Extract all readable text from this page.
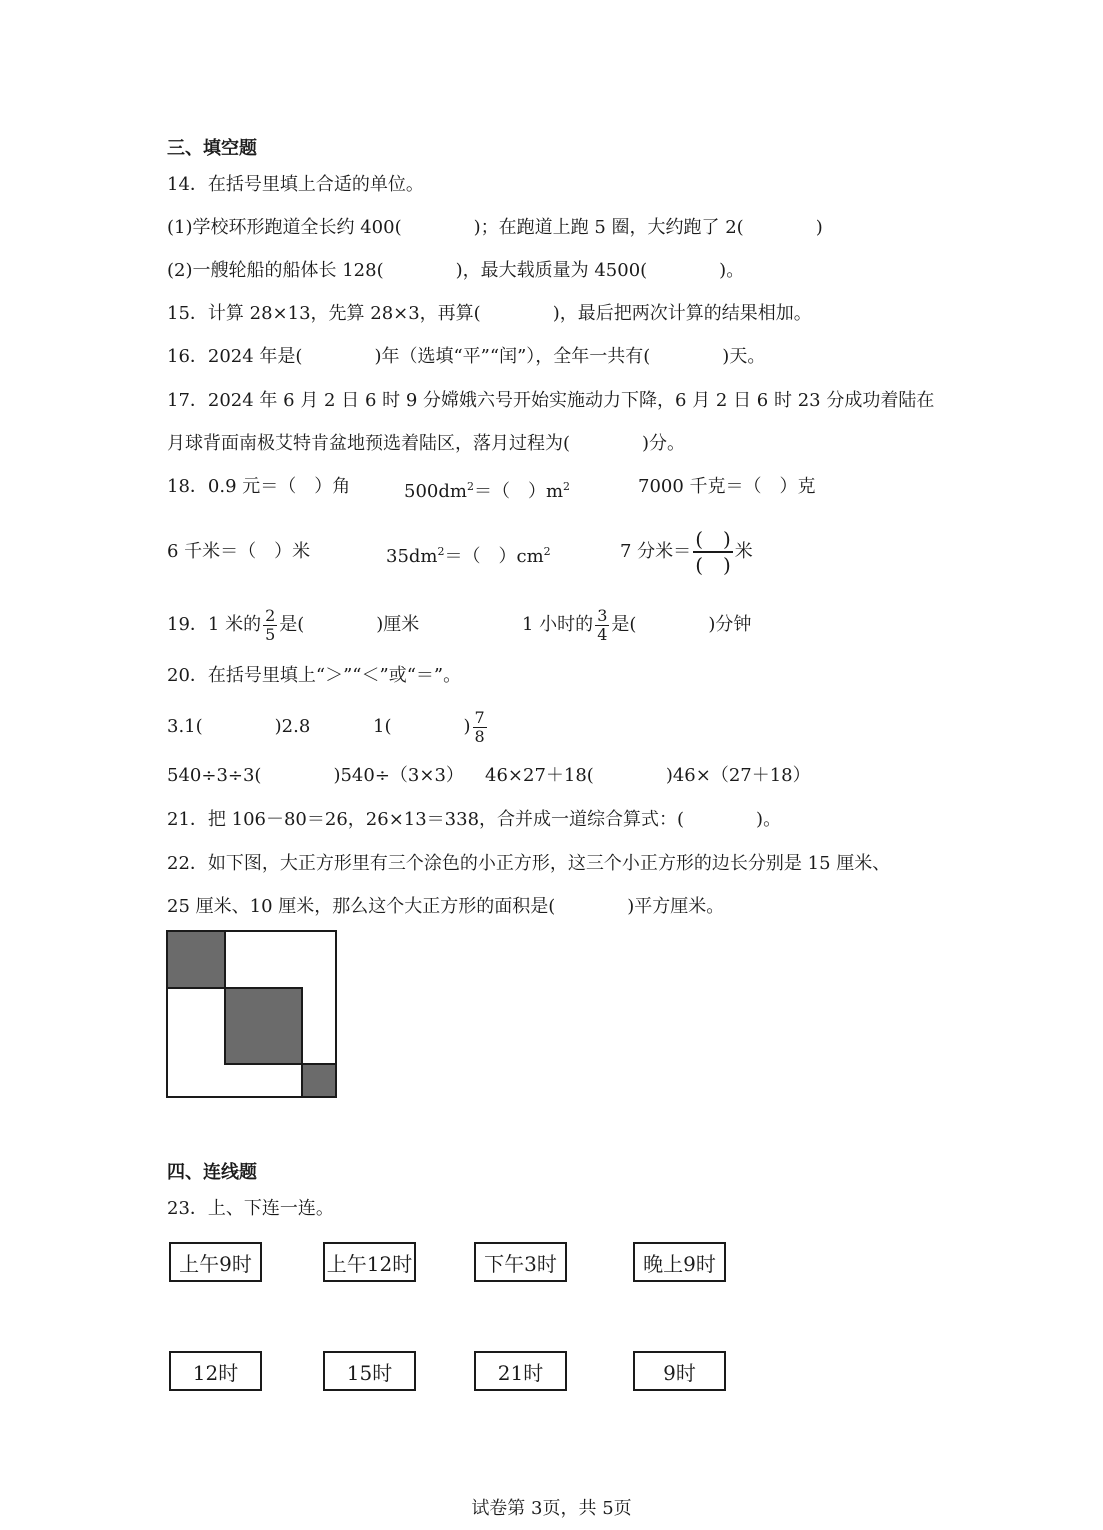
三、填空题
14．在括号里填上合适的单位。
(1)学校环形跑道全长约 400(　　　　)；在跑道上跑 5 圈，大约跑了 2(　　　　)
(2)一艘轮船的船体长 128(　　　　)，最大载质量为 4500(　　　　)。
15．计算 28×13，先算 28×3，再算(　　　　)，最后把两次计算的结果相加。
16．2024 年是(　　　　)年（选填“平”“闰”），全年一共有(　　　　)天。
17．2024 年 6 月 2 日 6 时 9 分嫦娥六号开始实施动力下降，6 月 2 日 6 时 23 分成功着陆在
月球背面南极艾特肯盆地预选着陆区，落月过程为(　　　　)分。
18．0.9 元＝（　）角	$500dm^2=$（　）$m^2$	7000 千克＝（　）克
6 千米＝（　）米	$35dm^2=$（　）$cm^2$	7 分米＝ $\frac{( )}{( )}$ 米
19．1 米的 $\frac{2}{5}$ 是(　　　　)厘米	1 小时的 $\frac{3}{4}$ 是(　　　　)分钟
20．在括号里填上“＞”“＜”或“＝”。
3.1(　　　　)2.8	1(　　　　) $\frac{7}{8}$
540÷3÷3(　　　　)540÷（3×3） 46×27＋18(　　　　)46×（27＋18）
21．把 106－80＝26，26×13＝338，合并成一道综合算式：(　　　　)。
22．如下图，大正方形里有三个涂色的小正方形，这三个小正方形的边长分别是 15 厘米、
25 厘米、10 厘米，那么这个大正方形的面积是(　　　　)平方厘米。
四、连线题
23．上、下连一连。
上午9时	上午12时	下午3时	晚上9时
12时	15时	21时	9时
试卷第 3页，共 5页
